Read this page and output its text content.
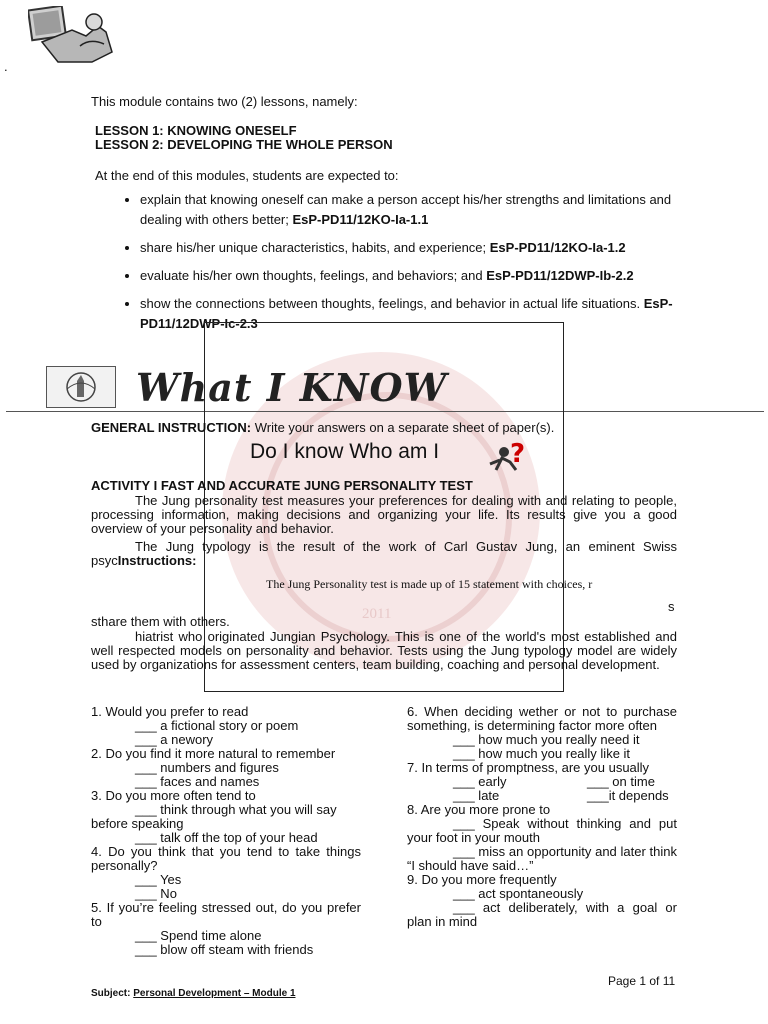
2011
.
This module contains two (2) lessons, namely:
LESSON 1: KNOWING ONESELF
LESSON 2: DEVELOPING THE WHOLE PERSON
At the end of this modules, students are expected to:
• explain that knowing oneself can make a person accept his/her strengths and limitations and dealing with others better; EsP-PD11/12KO-Ia-1.1
• share his/her unique characteristics, habits, and experience; EsP-PD11/12KO-Ia-1.2
• evaluate his/her own thoughts, feelings, and behaviors; and EsP-PD11/12DWP-Ib-2.2
• show the connections between thoughts, feelings, and behavior in actual life situations. EsP-PD11/12DWP-Ic-2.3
What I KNOW
GENERAL INSTRUCTION: Write your answers on a separate sheet of paper(s).
Do I know Who am I	?
ACTIVITY I FAST AND ACCURATE JUNG PERSONALITY TEST
The Jung personality test measures your preferences for dealing with and relating to people, processing information, making decisions and organizing your life. Its results give you a good overview of your personality and behavior.
The Jung typology is the result of the work of Carl Gustav Jung, an eminent Swiss psycInstructions:
The Jung Personality test is made up of 15 statement with choices, r
s
sthare them with others.
hiatrist who originated Jungian Psychology. This is one of the world's most established and well respected models on personality and behavior. Tests using the Jung typology model are widely used by organizations for assessment centers, team building, coaching and personal development.

1. Would you prefer to read

___ a fictional story or poem

___ a newory

2. Do you find it more natural to remember

___ numbers and figures

___ faces and names

3. Do you more often tend to

___ think through what you will say before speaking

___ talk off the top of your head

4. Do you think that you tend to take things personally?

___ Yes

___ No

5. If you’re feeling stressed out, do you prefer to

___ Spend time alone

___ blow off steam with friends

6. When deciding wether or not to purchase something, is determining factor more often

___ how much you really need it

___ how much you really like it

7. In terms of promptness, are you usually

___ early	___ on time

___ late	___it depends

8. Are you more prone to

___ Speak without thinking and put your foot in your mouth

___ miss an opportunity and later think “I should have said…”

9. Do you more frequently

___ act spontaneously

___ act deliberately, with a goal or plan in mind

Page 1 of 11
Subject: Personal Development – Module 1
